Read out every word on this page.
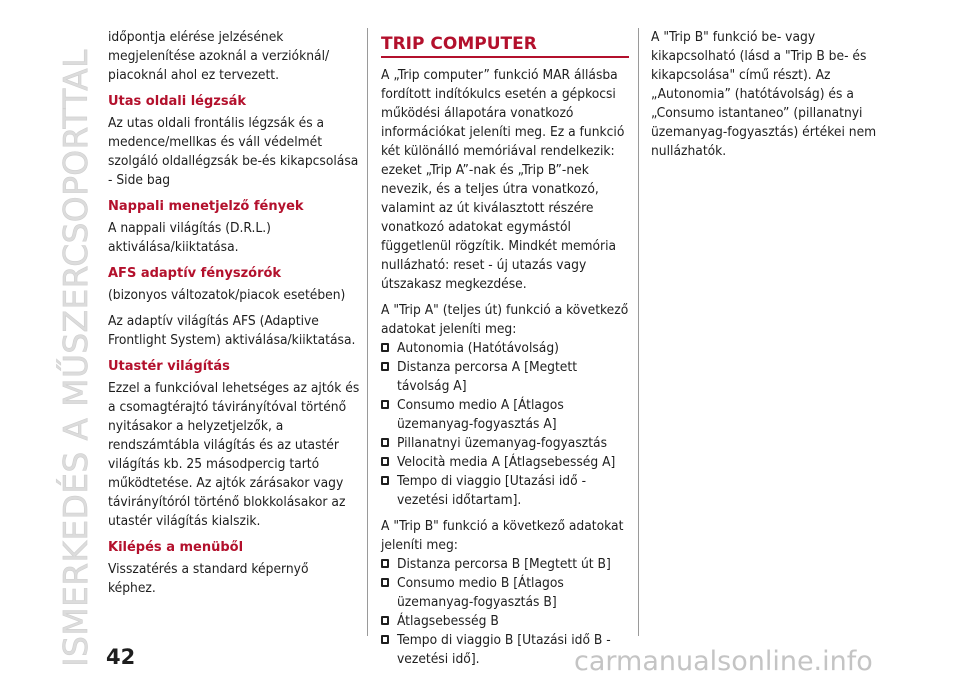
ISMERKEDÉS A MŰSZERCSOPORTTAL

időpontja elérése jelzésének megjelenítése azoknál a verzióknál/ piacoknál ahol ez tervezett.

Utas oldali légzsák

Az utas oldali frontális légzsák és a medence/mellkas és váll védelmét szolgáló oldallégzsák be-és kikapcsolása - Side bag

Nappali menetjelző fények

A nappali világítás (D.R.L.) aktiválása/kiiktatása.

AFS adaptív fényszórók

(bizonyos változatok/piacok esetében)

Az adaptív világítás AFS (Adaptive Frontlight System) aktiválása/kiiktatása.

Utastér világítás

Ezzel a funkcióval lehetséges az ajtók és a csomagtérajtó távirányítóval történő nyitásakor a helyzetjelzők, a rendszámtábla világítás és az utastér világítás kb. 25 másodpercig tartó működtetése. Az ajtók zárásakor vagy távirányítóról történő blokkolásakor az utastér világítás kialszik.

Kilépés a menüből

Visszatérés a standard képernyő képhez.

TRIP COMPUTER

A „Trip computer” funkció MAR állásba fordított indítókulcs esetén a gépkocsi működési állapotára vonatkozó információkat jeleníti meg. Ez a funkció két különálló memóriával rendelkezik: ezeket „Trip A”-nak és „Trip B”-nek nevezik, és a teljes útra vonatkozó, valamint az út kiválasztott részére vonatkozó adatokat egymástól függetlenül rögzítik. Mindkét memória nullázható: reset - új utazás vagy útszakasz megkezdése.

A "Trip A" (teljes út) funkció a következő adatokat jeleníti meg:
Autonomia (Hatótávolság)
Distanza percorsa A [Megtett távolság A]
Consumo medio A [Átlagos üzemanyag-fogyasztás A]
Pillanatnyi üzemanyag-fogyasztás
Velocità media A [Átlagsebesség A]
Tempo di viaggio [Utazási idő - vezetési időtartam].
A "Trip B" funkció a következő adatokat jeleníti meg:
Distanza percorsa B [Megtett út B]
Consumo medio B [Átlagos üzemanyag-fogyasztás B]
Átlagsebesség B
Tempo di viaggio B [Utazási idő B - vezetési idő].

A "Trip B" funkció be- vagy kikapcsolható (lásd a "Trip B be- és kikapcsolása" című részt). Az „Autonomia” (hatótávolság) és a „Consumo istantaneo” (pillanatnyi üzemanyag-fogyasztás) értékei nem nullázhatók.

42	carmanualsonline.info
